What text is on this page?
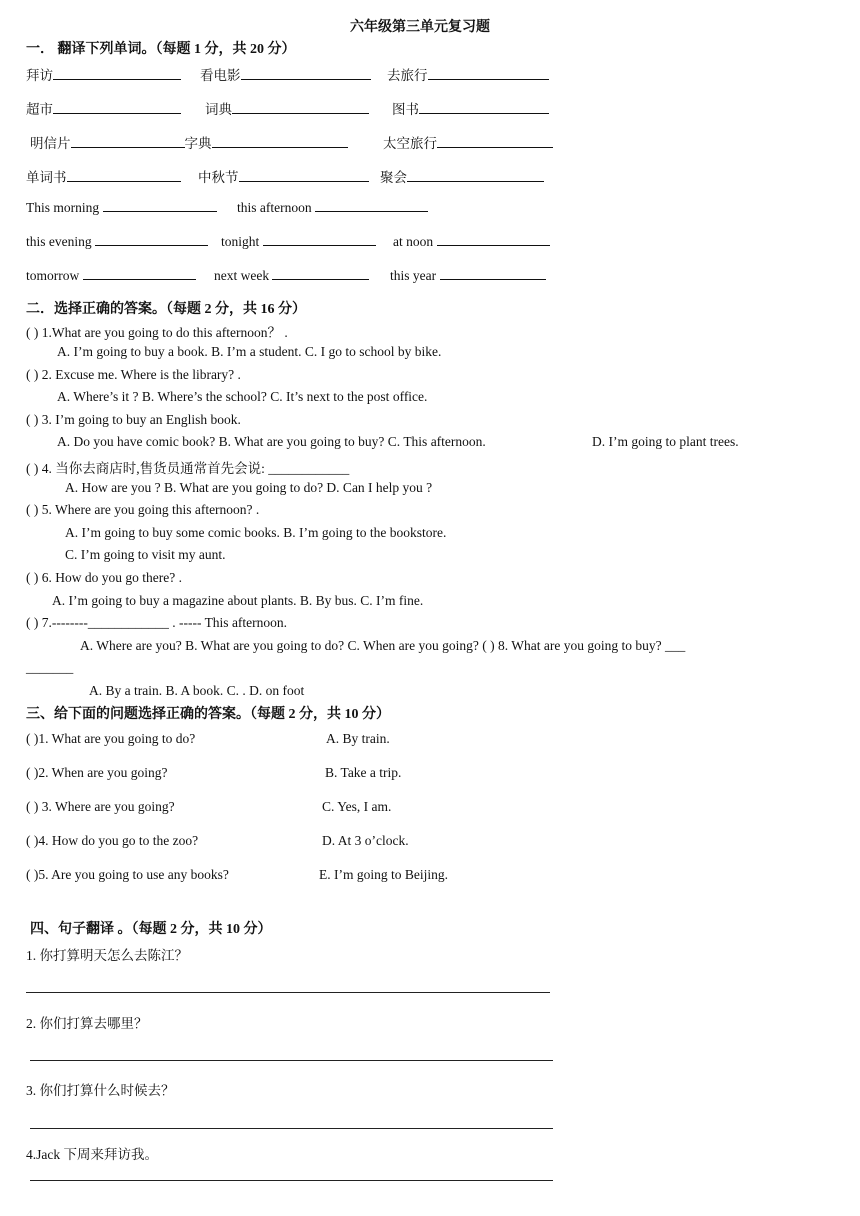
六年级第三单元复习题
一． 翻译下列单词。（每题 1 分，共 20 分）
拜访	看电影	去旅行
超市	词典	图书
明信片	字典	太空旅行
单词书	中秋节	聚会
This morning	this afternoon
this evening	tonight	at noon
tomorrow	next week	this year
二．选择正确的答案。（每题 2 分，共 16 分）
( ) 1.What are you going to do this afternoon？ .
A. I’m going to buy a book. B. I’m a student. C. I go to school by bike.
( ) 2. Excuse me. Where is the library? .
A. Where’s it ? B. Where’s the school? C. It’s next to the post office.
( ) 3. I’m going to buy an English book.
A. Do you have comic book? B. What are you going to buy? C. This afternoon.	D. I’m going to plant trees.
( ) 4. 当你去商店时,售货员通常首先会说: ____________
A. How are you ? B. What are you going to do? D. Can I help you ?
( ) 5. Where are you going this afternoon? .
A. I’m going to buy some comic books. B. I’m going to the bookstore.
C. I’m going to visit my aunt.
( ) 6. How do you go there? .
A. I’m going to buy a magazine about plants. B. By bus. C. I’m fine.
( ) 7.--------____________ . ----- This afternoon.
A. Where are you? B. What are you going to do? C. When are you going? ( ) 8. What are you going to buy? ___
_______
A. By a train. B. A book. C. . D. on foot
三、给下面的问题选择正确的答案。（每题 2 分，共 10 分）
( )1. What are you going to do?	A. By train.
( )2. When are you going?	B. Take a trip.
( ) 3. Where are you going?	C. Yes, I am.
( )4. How do you go to the zoo?	D. At 3 o’clock.
( )5. Are you going to use any books?	E. I’m going to Beijing.
四、句子翻译 。（每题 2 分，共 10 分）
1. 你打算明天怎么去陈江？
2. 你们打算去哪里？
3. 你们打算什么时候去？
4.Jack 下周来拜访我。
